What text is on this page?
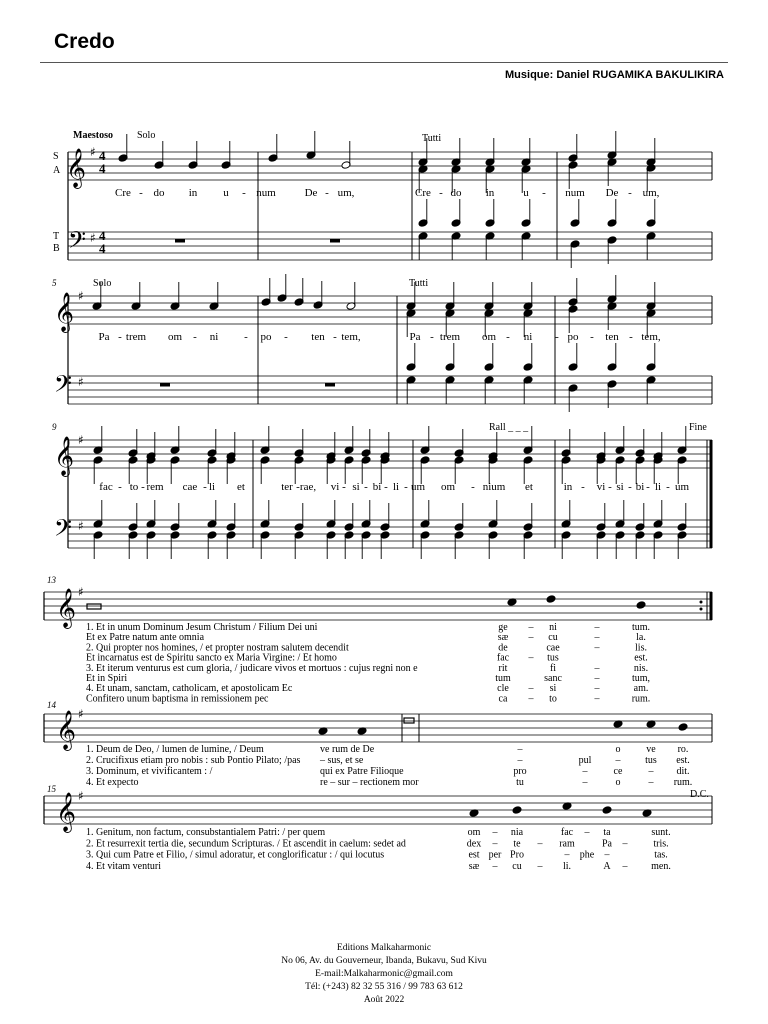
Credo
Musique: Daniel RUGAMIKA BAKULIKIRA
𝄞
𝄢
♯
♯
𝄞
𝄢
♯
♯
𝄞
𝄢
♯
♯
𝄞 ♯
𝄞 ♯
𝄞 ♯
Maestoso Solo	Tutti
S
A
T
B
4
4
4
4
Cre - do in u - num	De - um,	Cre - do in	u - num De - um,
5	Solo	Tutti
Pa - trem om - ni - po - ten - tem,	Pa - trem om - ni - po - ten - tem,
9	Rall _ _ _	Fine
fac - to - rem cae - li et	ter - rae, vi - si - bi - li - um om - nium et	in - vi - si - bi - li - um
13
1. Et in unum Dominum Jesum Christum / Filium Dei uni	ge – ni	–	tum.
Et ex Patre natum ante omnia	sæ – cu	–	la.
2. Qui propter nos homines, / et propter nostram salutem decendit	de	cae	–	lis.
Et incarnatus est de Spiritu sancto ex Maria Virgine: / Et homo	fac – tus	est.
3. Et iterum venturus est cum gloria, / judicare vivos et mortuos : cujus regni non e	rit	fi	–	nis.
Et in Spiri	tum	sanc	–	tum,
4. Et unam, sanctam, catholicam, et apostolicam Ec	cle – si	–	am.
Confitero unum baptisma in remissionem pec	ca – to	–	rum.
14
1. Deum de Deo, / lumen de lumine, / Deum	ve rum de De	–	o	ve ro.
2. Crucifixus etiam pro nobis : sub Pontio Pilato; /pas – sus, et se	–	pul – tus est.
3. Dominum, et vivificantem : /	qui ex Patre Filioque	pro	–	ce	– dit.
4. Et expecto	re – sur – rectionem mor	tu	–	o	– rum.
D.C.
15
1. Genitum, non factum, consubstantialem Patri: / per quem	om – nia	fac – ta	sunt.
2. Et resurrexit tertia die, secundum Scripturas. / Et ascendit in caelum: sedet ad	dex – te – ram	Pa –	tris.
3. Qui cum Patre et Filio, / simul adoratur, et conglorificatur : / qui locutus	est per Pro	– phe –	tas.
4. Et vitam venturi	sæ – cu – li.	A – men.
Editions Malkaharmonic
No 06, Av. du Gouverneur, Ibanda, Bukavu, Sud Kivu
E-mail:Malkaharmonic@gmail.com
Tél: (+243) 82 32 55 316 / 99 783 63 612
Août 2022
